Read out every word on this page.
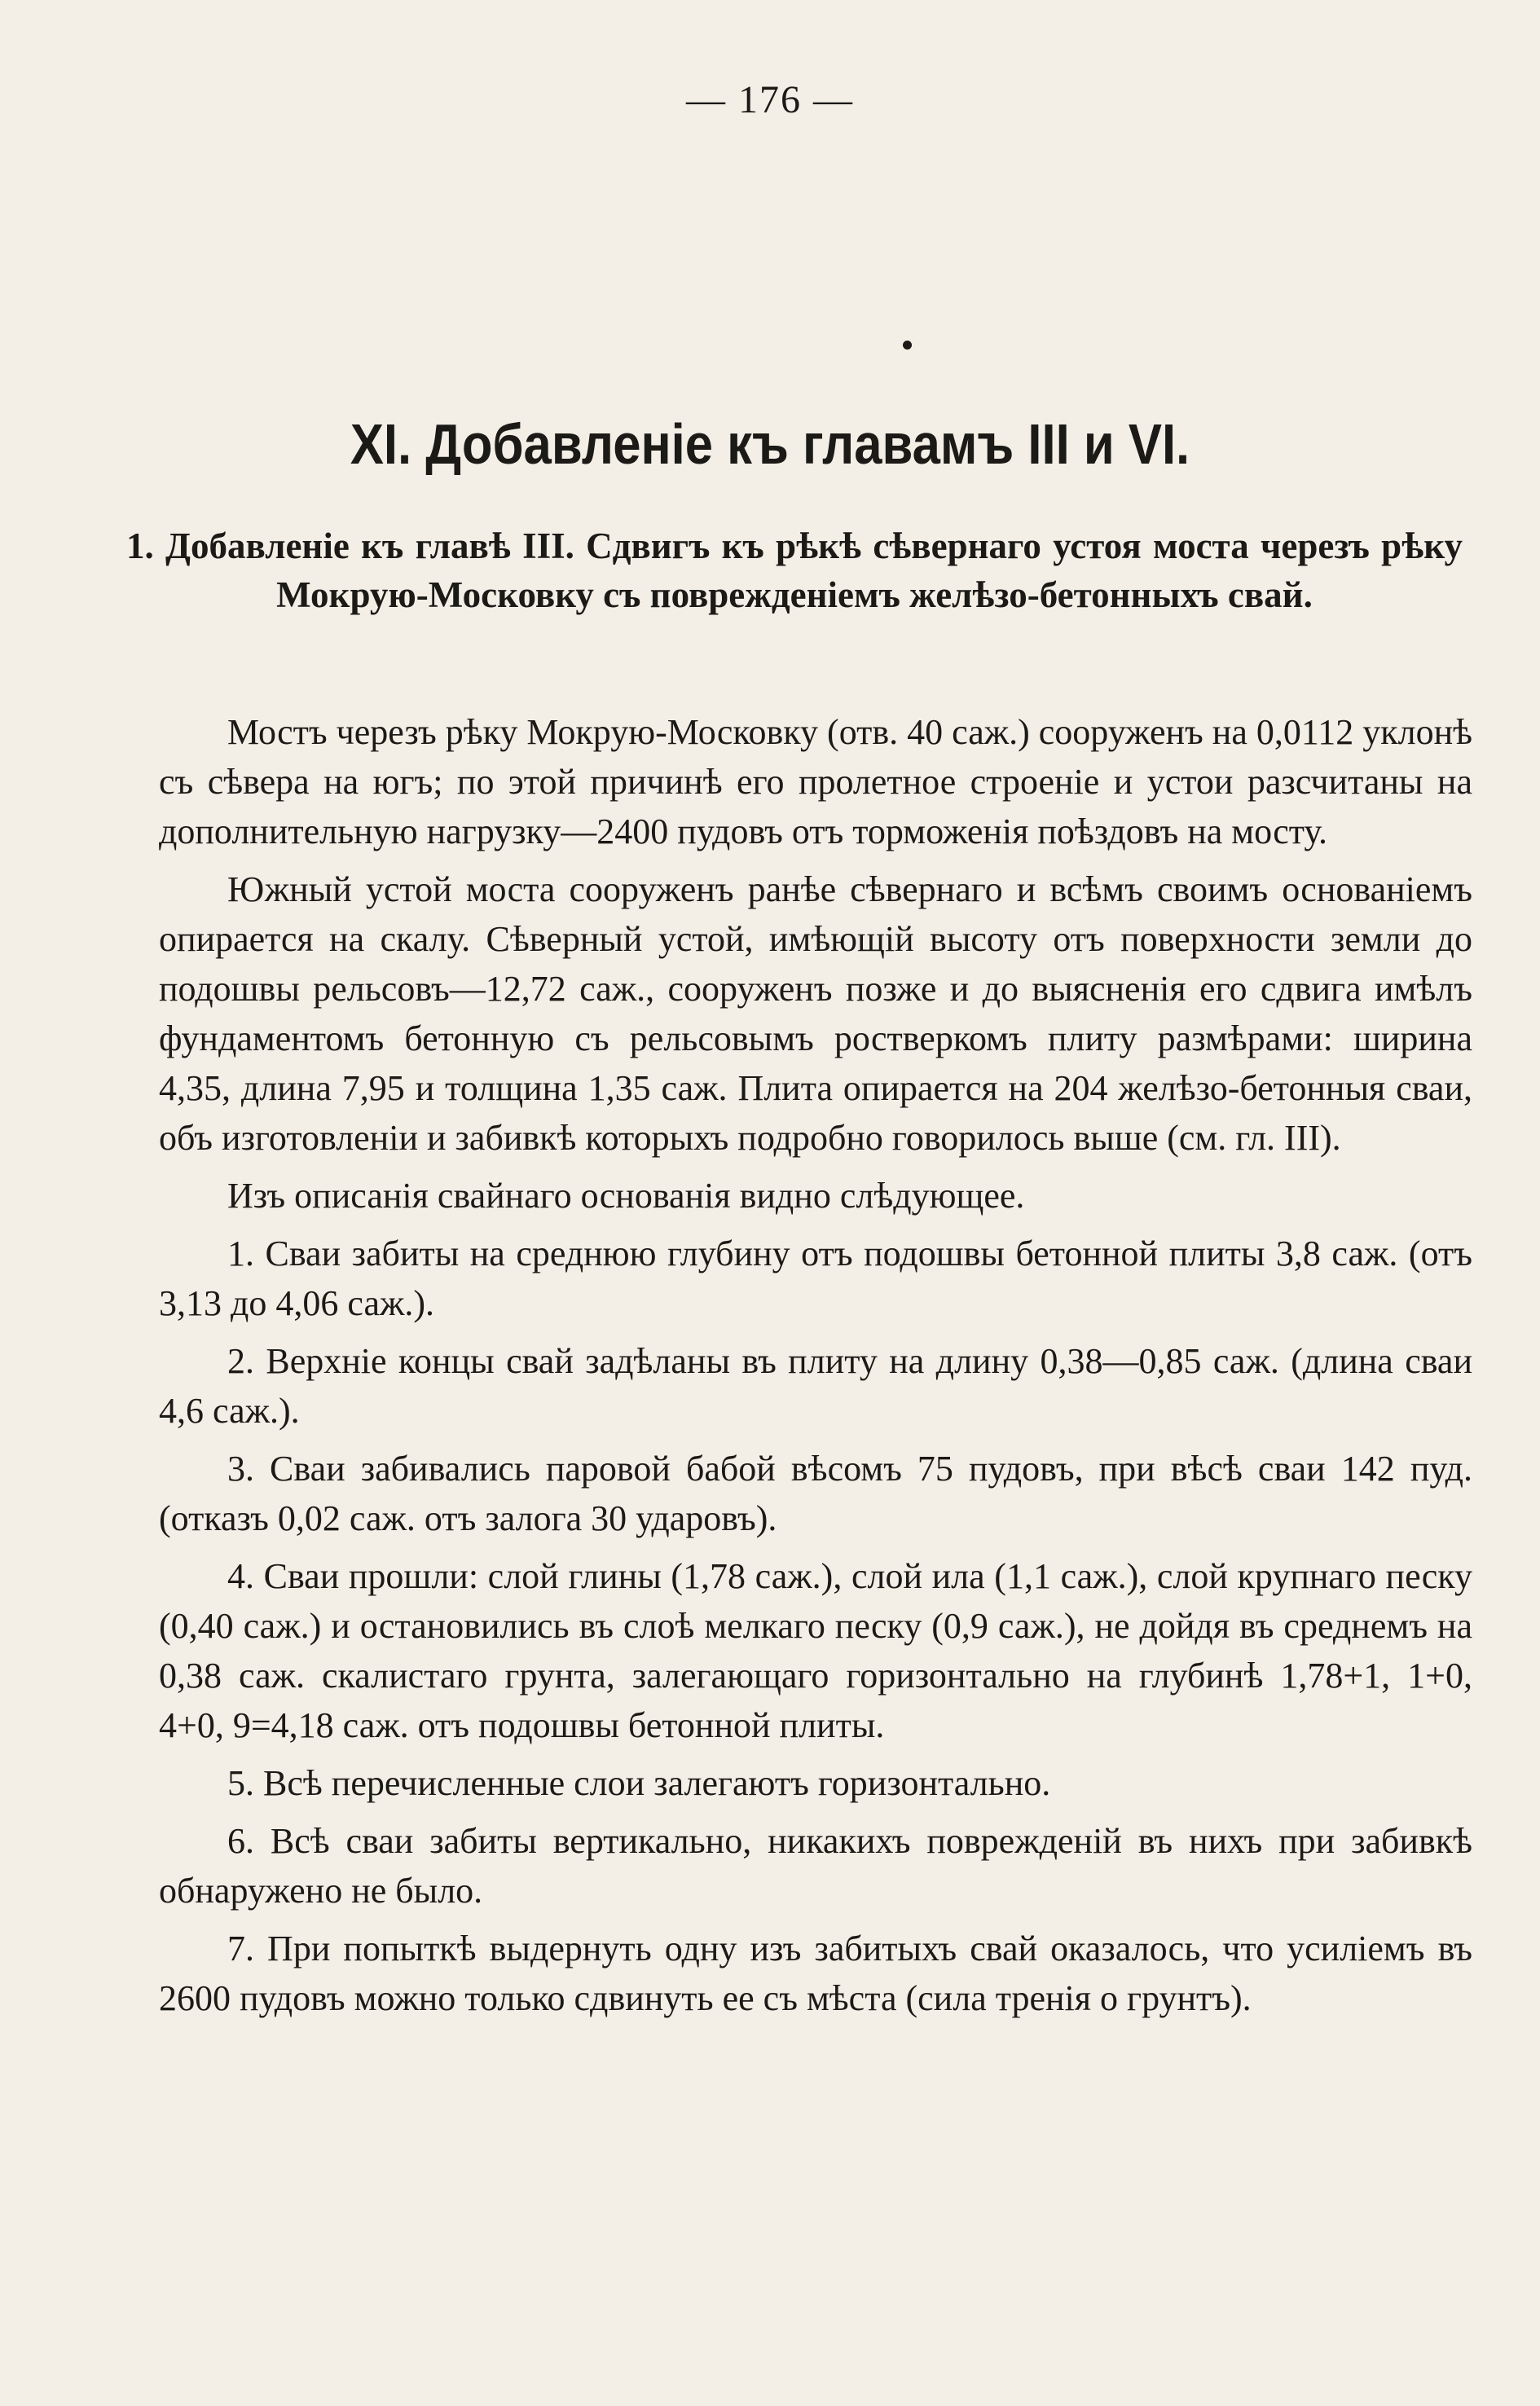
— 176 —
XI. Добавленіе къ главамъ III и VI.
1. Добавленіе къ главѣ III. Сдвигъ къ рѣкѣ сѣвернаго устоя моста черезъ рѣку Мокрую-Московку съ поврежденіемъ желѣзо-бетонныхъ свай.

Мостъ черезъ рѣку Мокрую-Московку (отв. 40 саж.) сооруженъ на 0,0112 уклонѣ съ сѣвера на югъ; по этой причинѣ его пролетное строеніе и устои разсчитаны на дополнительную нагрузку—2400 пудовъ отъ торможенія поѣздовъ на мосту.

Южный устой моста сооруженъ ранѣе сѣвернаго и всѣмъ своимъ основаніемъ опирается на скалу. Сѣверный устой, имѣющій высоту отъ поверхности земли до подошвы рельсовъ—12,72 саж., сооруженъ позже и до выясненія его сдвига имѣлъ фундаментомъ бетонную съ рельсовымъ ростверкомъ плиту размѣрами: ширина 4,35, длина 7,95 и толщина 1,35 саж. Плита опирается на 204 желѣзо-бетонныя сваи, объ изготовленіи и забивкѣ которыхъ подробно говорилось выше (см. гл. III).

Изъ описанія свайнаго основанія видно слѣдующее.

1. Сваи забиты на среднюю глубину отъ подошвы бетонной плиты 3,8 саж. (отъ 3,13 до 4,06 саж.).

2. Верхніе концы свай задѣланы въ плиту на длину 0,38—0,85 саж. (длина сваи 4,6 саж.).

3. Сваи забивались паровой бабой вѣсомъ 75 пудовъ, при вѣсѣ сваи 142 пуд. (отказъ 0,02 саж. отъ залога 30 ударовъ).

4. Сваи прошли: слой глины (1,78 саж.), слой ила (1,1 саж.), слой крупнаго песку (0,40 саж.) и остановились въ слоѣ мелкаго песку (0,9 саж.), не дойдя въ среднемъ на 0,38 саж. скалистаго грунта, залегающаго горизонтально на глубинѣ 1,78+1, 1+0, 4+0, 9=4,18 саж. отъ подошвы бетонной плиты.

5. Всѣ перечисленные слои залегаютъ горизонтально.

6. Всѣ сваи забиты вертикально, никакихъ поврежденій въ нихъ при забивкѣ обнаружено не было.

7. При попыткѣ выдернуть одну изъ забитыхъ свай оказалось, что усиліемъ въ 2600 пудовъ можно только сдвинуть ее съ мѣста (сила тренія о грунтъ).
